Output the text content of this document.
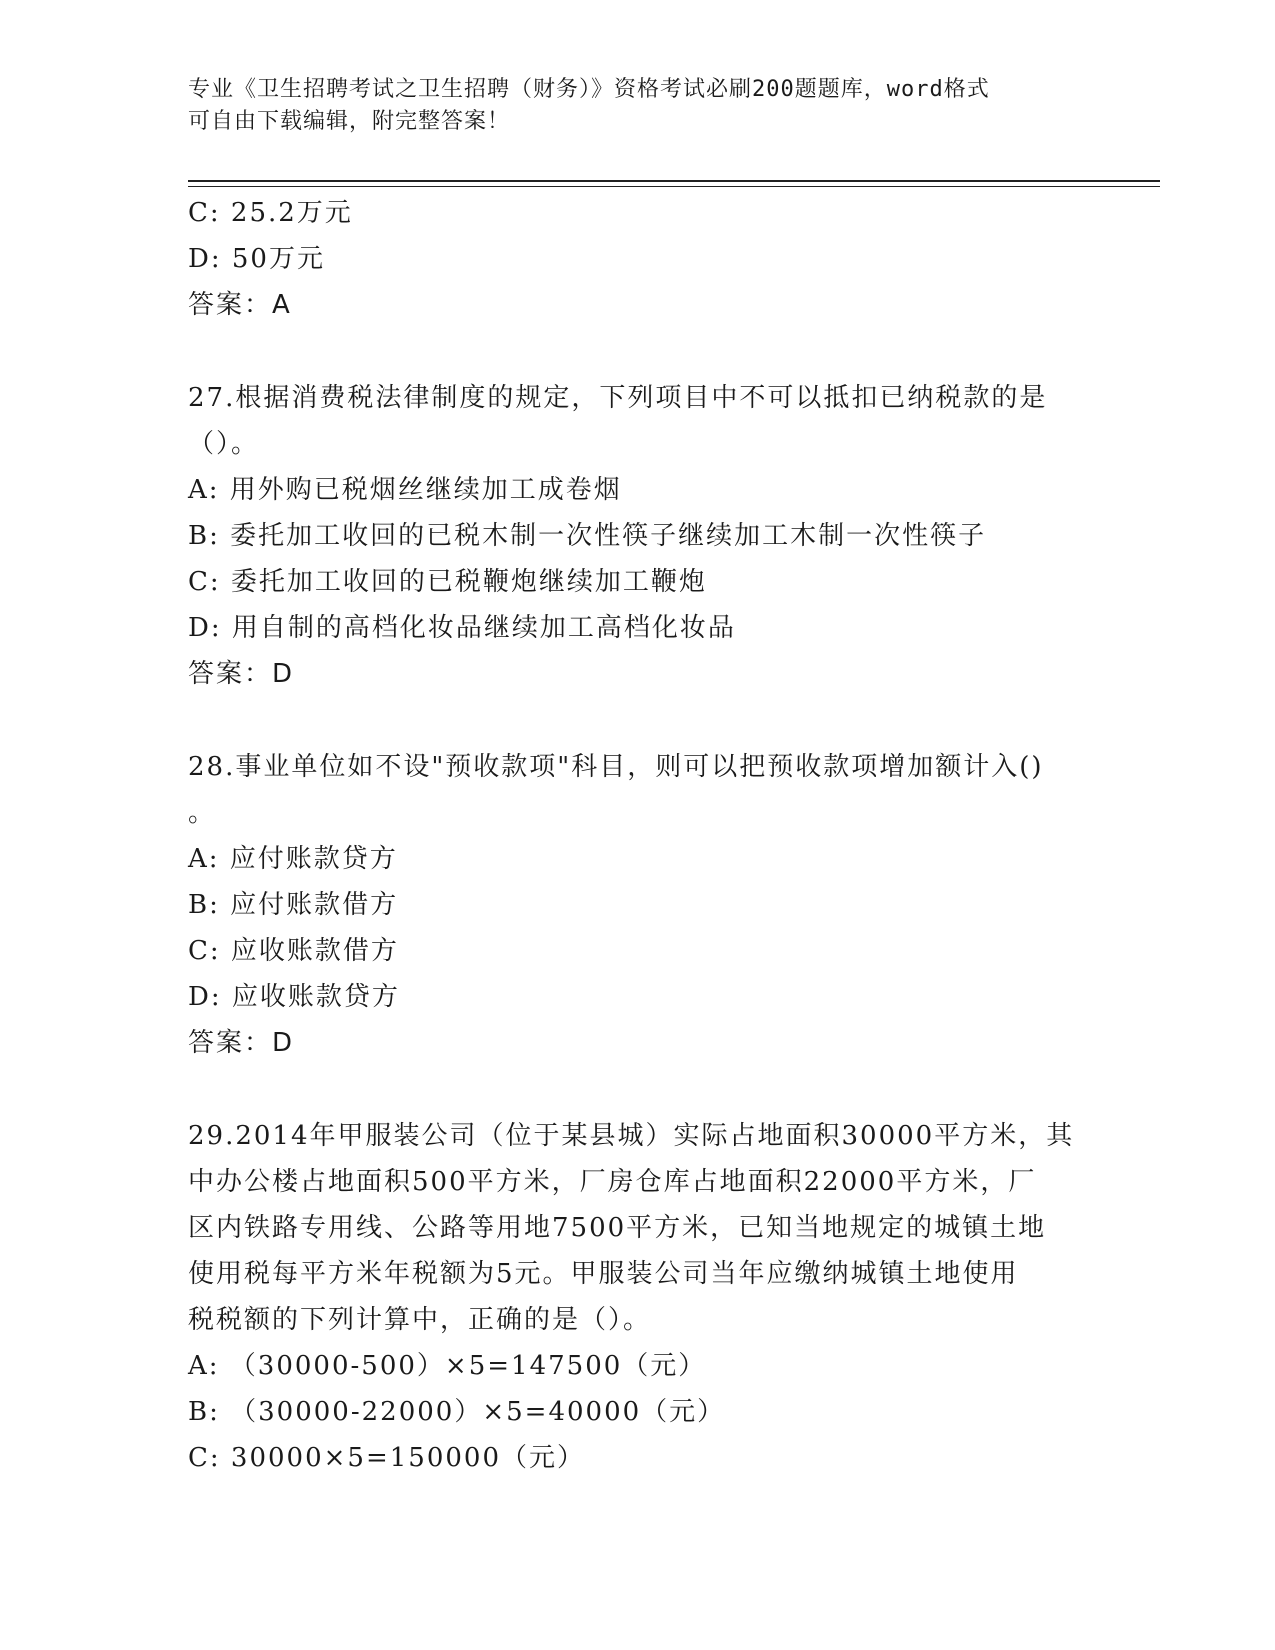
专业《卫生招聘考试之卫生招聘（财务）》资格考试必刷200题题库，word格式
可自由下载编辑，附完整答案！
C: 25.2万元
D: 50万元
答案：A
27.根据消费税法律制度的规定，下列项目中不可以抵扣已纳税款的是
（）。
A: 用外购已税烟丝继续加工成卷烟
B: 委托加工收回的已税木制一次性筷子继续加工木制一次性筷子
C: 委托加工收回的已税鞭炮继续加工鞭炮
D: 用自制的高档化妆品继续加工高档化妆品
答案：D
28.事业单位如不设"预收款项"科目，则可以把预收款项增加额计入()
。
A: 应付账款贷方
B: 应付账款借方
C: 应收账款借方
D: 应收账款贷方
答案：D
29.2014年甲服装公司（位于某县城）实际占地面积30000平方米，其
中办公楼占地面积500平方米，厂房仓库占地面积22000平方米，厂
区内铁路专用线、公路等用地7500平方米，已知当地规定的城镇土地
使用税每平方米年税额为5元。甲服装公司当年应缴纳城镇土地使用
税税额的下列计算中，正确的是（）。
A: （30000-500）×5=147500（元）
B: （30000-22000）×5=40000（元）
C: 30000×5=150000（元）
